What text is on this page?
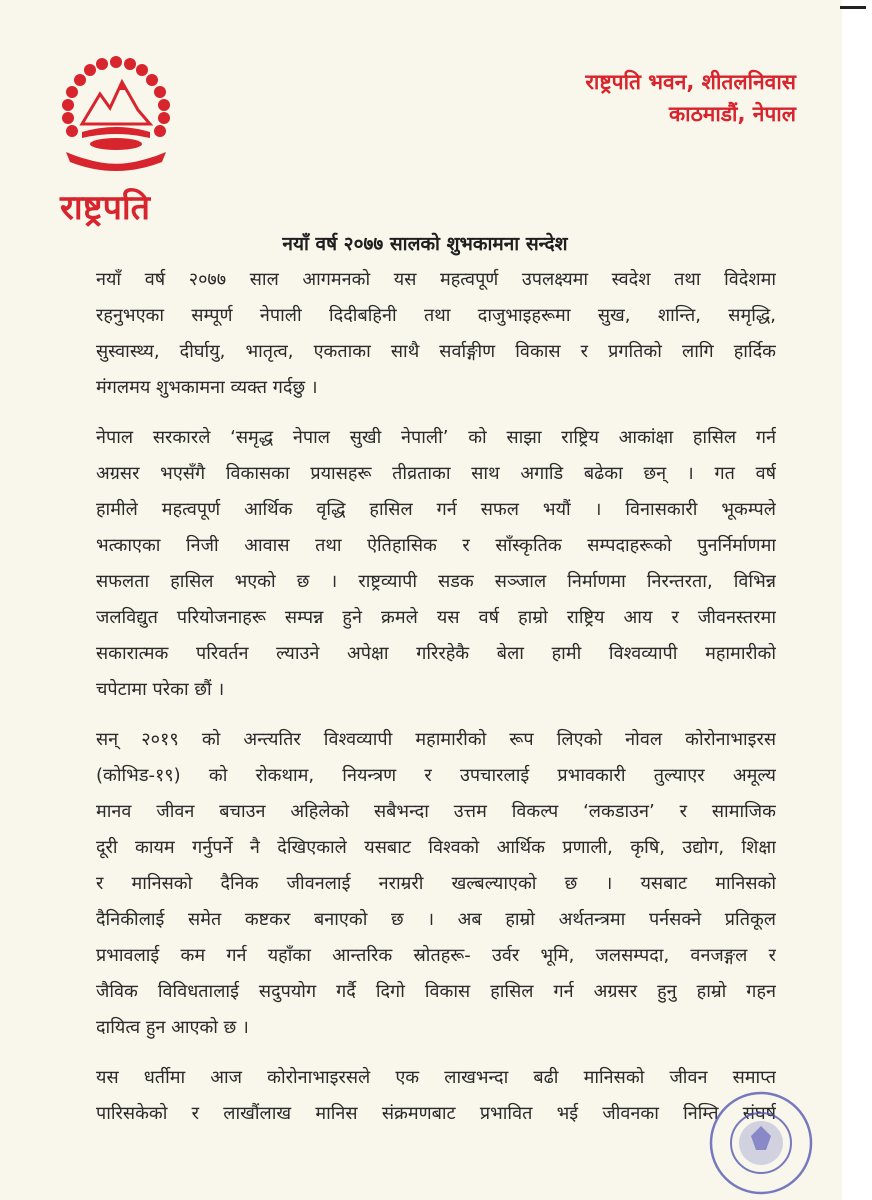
राष्ट्रपति
राष्ट्रपति भवन, शीतलनिवास
काठमाडौं, नेपाल
नयाँ वर्ष २०७७ सालको शुभकामना सन्देश
नयाँ वर्ष २०७७ साल आगमनको यस महत्वपूर्ण उपलक्ष्यमा स्वदेश तथा विदेशमा
रहनुभएका सम्पूर्ण नेपाली दिदीबहिनी तथा दाजुभाइहरूमा सुख, शान्ति, समृद्धि,
सुस्वास्थ्य, दीर्घायु, भातृत्व, एकताका साथै सर्वाङ्गीण विकास र प्रगतिको लागि हार्दिक
मंगलमय शुभकामना व्यक्त गर्दछु ।
नेपाल सरकारले ‘समृद्ध नेपाल सुखी नेपाली’ को साझा राष्ट्रिय आकांक्षा हासिल गर्न
अग्रसर भएसँगै विकासका प्रयासहरू तीव्रताका साथ अगाडि बढेका छन् । गत वर्ष
हामीले महत्वपूर्ण आर्थिक वृद्धि हासिल गर्न सफल भयौं । विनासकारी भूकम्पले
भत्काएका निजी आवास तथा ऐतिहासिक र साँस्कृतिक सम्पदाहरूको पुनर्निर्माणमा
सफलता हासिल भएको छ । राष्ट्रव्यापी सडक सञ्जाल निर्माणमा निरन्तरता, विभिन्न
जलविद्युत परियोजनाहरू सम्पन्न हुने क्रमले यस वर्ष हाम्रो राष्ट्रिय आय र जीवनस्तरमा
सकारात्मक परिवर्तन ल्याउने अपेक्षा गरिरहेकै बेला हामी विश्वव्यापी महामारीको
चपेटामा परेका छौं ।
सन् २०१९ को अन्त्यतिर विश्वव्यापी महामारीको रूप लिएको नोवल कोरोनाभाइरस
(कोभिड-१९) को रोकथाम, नियन्त्रण र उपचारलाई प्रभावकारी तुल्याएर अमूल्य
मानव जीवन बचाउन अहिलेको सबैभन्दा उत्तम विकल्प ‘लकडाउन’ र सामाजिक
दूरी कायम गर्नुपर्ने नै देखिएकाले यसबाट विश्वको आर्थिक प्रणाली, कृषि, उद्योग, शिक्षा
र मानिसको दैनिक जीवनलाई नराम्ररी खल्बल्याएको छ । यसबाट मानिसको
दैनिकीलाई समेत कष्टकर बनाएको छ । अब हाम्रो अर्थतन्त्रमा पर्नसक्ने प्रतिकूल
प्रभावलाई कम गर्न यहाँका आन्तरिक स्रोतहरू- उर्वर भूमि, जलसम्पदा, वनजङ्गल र
जैविक विविधतालाई सदुपयोग गर्दै दिगो विकास हासिल गर्न अग्रसर हुनु हाम्रो गहन
दायित्व हुन आएको छ ।
यस धर्तीमा आज कोरोनाभाइरसले एक लाखभन्दा बढी मानिसको जीवन समाप्त
पारिसकेको र लाखौंलाख मानिस संक्रमणबाट प्रभावित भई जीवनका निम्ति संघर्ष
